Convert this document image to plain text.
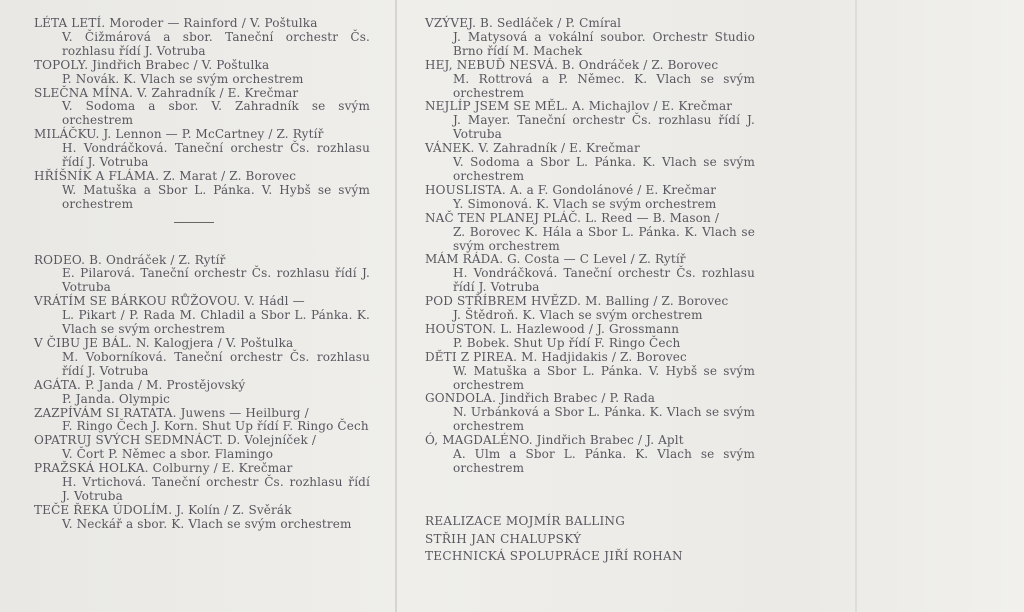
LÉTA LETÍ. Moroder — Rainford / V. Poštulka
V. Čižmárová a sbor. Taneční orchestr Čs. rozhlasu řídí J. Votruba
TOPOLY. Jindřich Brabec / V. Poštulka
P. Novák. K. Vlach se svým orchestrem
SLEČNA MÍNA. V. Zahradník / E. Krečmar
V. Sodoma a sbor. V. Zahradník se svým orchestrem
MILÁČKU. J. Lennon — P. McCartney / Z. Rytíř
H. Vondráčková. Taneční orchestr Čs. rozhlasu řídí J. Votruba
HŘÍŠNÍK A FLÁMA. Z. Marat / Z. Borovec
W. Matuška a Sbor L. Pánka. V. Hybš se svým orchestrem
RODEO. B. Ondráček / Z. Rytíř
E. Pilarová. Taneční orchestr Čs. rozhlasu řídí J. Votruba
VRÁTÍM SE BÁRKOU RŮŽOVOU. V. Hádl —
L. Pikart / P. Rada M. Chladil a Sbor L. Pánka. K. Vlach se svým orchestrem
V ČIBU JE BÁL. N. Kalogjera / V. Poštulka
M. Voborníková. Taneční orchestr Čs. rozhlasu řídí J. Votruba
AGÁTA. P. Janda / M. Prostějovský
P. Janda. Olympic
ZAZPÍVÁM SI RATATA. Juwens — Heilburg /
F. Ringo Čech J. Korn. Shut Up řídí F. Ringo Čech
OPATRUJ SVÝCH SEDMNÁCT. D. Volejníček /
V. Čort P. Němec a sbor. Flamingo
PRAŽSKÁ HOLKA. Colburny / E. Krečmar
H. Vrtichová. Taneční orchestr Čs. rozhlasu řídí J. Votruba
TEČE ŘEKA ÚDOLÍM. J. Kolín / Z. Svěrák
V. Neckář a sbor. K. Vlach se svým orchestrem
VZÝVEJ. B. Sedláček / P. Cmíral
J. Matysová a vokální soubor. Orchestr Studio Brno řídí M. Machek
HEJ, NEBUĎ NESVÁ. B. Ondráček / Z. Borovec
M. Rottrová a P. Němec. K. Vlach se svým orchestrem
NEJLÍP JSEM SE MĚL. A. Michajlov / E. Krečmar
J. Mayer. Taneční orchestr Čs. rozhlasu řídí J. Votruba
VÁNEK. V. Zahradník / E. Krečmar
V. Sodoma a Sbor L. Pánka. K. Vlach se svým orchestrem
HOUSLISTA. A. a F. Gondolánové / E. Krečmar
Y. Simonová. K. Vlach se svým orchestrem
NAČ TEN PLANEJ PLÁČ. L. Reed — B. Mason /
Z. Borovec K. Hála a Sbor L. Pánka. K. Vlach se svým orchestrem
MÁM RÁDA. G. Costa — C Level / Z. Rytíř
H. Vondráčková. Taneční orchestr Čs. rozhlasu řídí J. Votruba
POD STŘÍBREM HVĚZD. M. Balling / Z. Borovec
J. Štědroň. K. Vlach se svým orchestrem
HOUSTON. L. Hazlewood / J. Grossmann
P. Bobek. Shut Up řídí F. Ringo Čech
DĚTI Z PIREA. M. Hadjidakis / Z. Borovec
W. Matuška a Sbor L. Pánka. V. Hybš se svým orchestrem
GONDOLA. Jindřich Brabec / P. Rada
N. Urbánková a Sbor L. Pánka. K. Vlach se svým orchestrem
Ó, MAGDALÉNO. Jindřich Brabec / J. Aplt
A. Ulm a Sbor L. Pánka. K. Vlach se svým orchestrem
REALIZACE MOJMÍR BALLING
STŘIH JAN CHALUPSKÝ
TECHNICKÁ SPOLUPRÁCE JIŘÍ ROHAN
